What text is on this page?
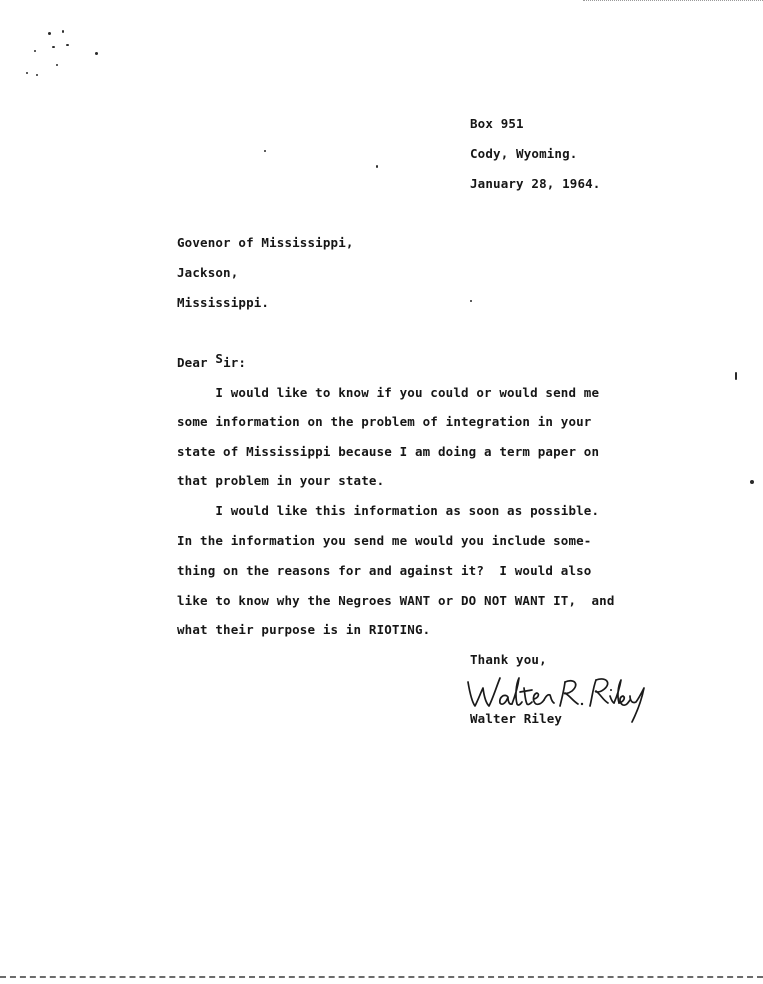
Box 951
Cody, Wyoming.
January 28, 1964.
Govenor of Mississippi,
Jackson,
Mississippi.
Dear Sir:
I would like to know if you could or would send me
some information on the problem of integration in your
state of Mississippi because I am doing a term paper on
that problem in your state.
I would like this information as soon as possible.
In the information you send me would you include some-
thing on the reasons for and against it?  I would also
like to know why the Negroes WANT or DO NOT WANT IT,  and
what their purpose is in RIOTING.
Thank you,
Walter Riley
